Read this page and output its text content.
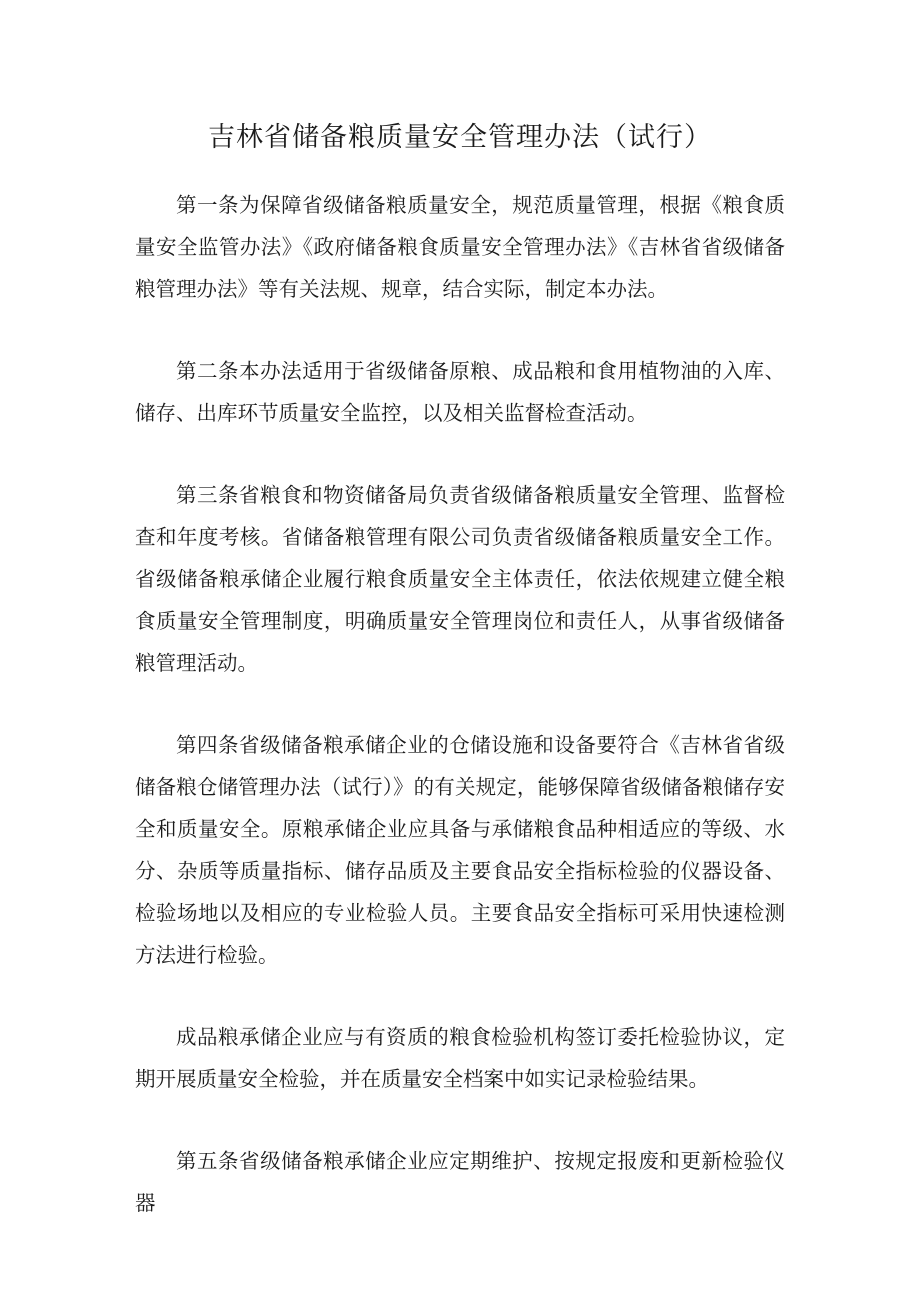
吉林省储备粮质量安全管理办法（试行）

第一条为保障省级储备粮质量安全，规范质量管理，根据《粮食质量安全监管办法》《政府储备粮食质量安全管理办法》《吉林省省级储备粮管理办法》等有关法规、规章，结合实际，制定本办法。

第二条本办法适用于省级储备原粮、成品粮和食用植物油的入库、储存、出库环节质量安全监控，以及相关监督检查活动。

第三条省粮食和物资储备局负责省级储备粮质量安全管理、监督检查和年度考核。省储备粮管理有限公司负责省级储备粮质量安全工作。省级储备粮承储企业履行粮食质量安全主体责任，依法依规建立健全粮食质量安全管理制度，明确质量安全管理岗位和责任人，从事省级储备粮管理活动。

第四条省级储备粮承储企业的仓储设施和设备要符合《吉林省省级储备粮仓储管理办法（试行）》的有关规定，能够保障省级储备粮储存安全和质量安全。原粮承储企业应具备与承储粮食品种相适应的等级、水分、杂质等质量指标、储存品质及主要食品安全指标检验的仪器设备、检验场地以及相应的专业检验人员。主要食品安全指标可采用快速检测方法进行检验。

成品粮承储企业应与有资质的粮食检验机构签订委托检验协议，定期开展质量安全检验，并在质量安全档案中如实记录检验结果。

第五条省级储备粮承储企业应定期维护、按规定报废和更新检验仪器
